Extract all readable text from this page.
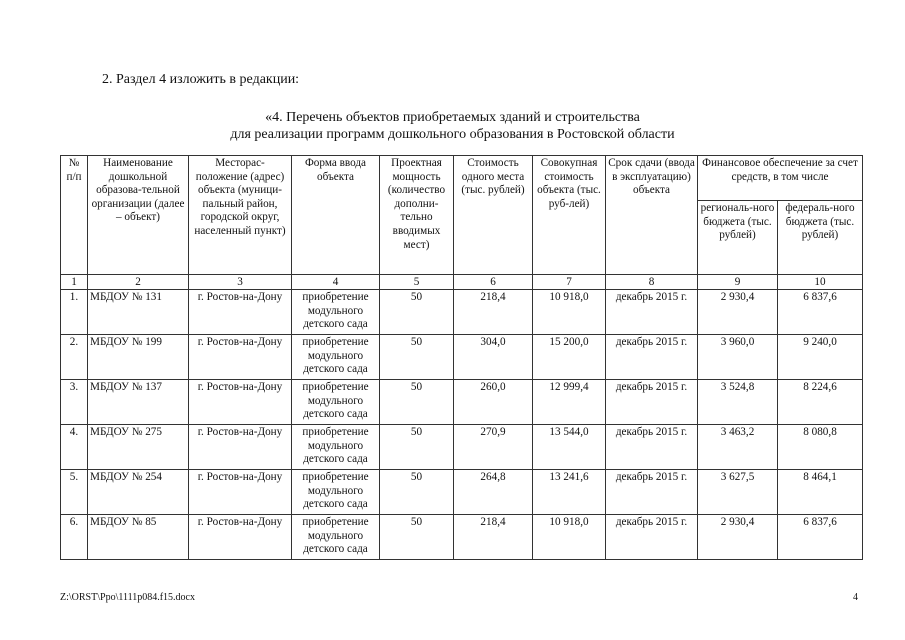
2. Раздел 4 изложить в редакции:
«4. Перечень объектов приобретаемых зданий и строительства
для реализации программ дошкольного образования в Ростовской области
№ п/п	Наименование дошкольной образова-тельной организации (далее – объект)	Месторас-положение (адрес) объекта (муници-пальный район, городской округ, населенный пункт)	Форма ввода объекта	Проектная мощность (количество дополни-тельно вводимых мест)	Стоимость одного места (тыс. рублей)	Совокупная стоимость объекта (тыс. руб-лей)	Срок сдачи (ввода в эксплуатацию) объекта	Финансовое обеспечение за счет средств, в том числе	
								региональ-ного бюджета (тыс. рублей)	федераль-ного бюджета (тыс. рублей)
1	2	3	4	5	6	7	8	9	10
1.	МБДОУ № 131	г. Ростов-на-Дону	приобретение модульного детского сада	50	218,4	10 918,0	декабрь 2015 г.	2 930,4	6 837,6
2.	МБДОУ № 199	г. Ростов-на-Дону	приобретение модульного детского сада	50	304,0	15 200,0	декабрь 2015 г.	3 960,0	9 240,0
3.	МБДОУ № 137	г. Ростов-на-Дону	приобретение модульного детского сада	50	260,0	12 999,4	декабрь 2015 г.	3 524,8	8 224,6
4.	МБДОУ № 275	г. Ростов-на-Дону	приобретение модульного детского сада	50	270,9	13 544,0	декабрь 2015 г.	3 463,2	8 080,8
5.	МБДОУ № 254	г. Ростов-на-Дону	приобретение модульного детского сада	50	264,8	13 241,6	декабрь 2015 г.	3 627,5	8 464,1
6.	МБДОУ № 85	г. Ростов-на-Дону	приобретение модульного детского сада	50	218,4	10 918,0	декабрь 2015 г.	2 930,4	6 837,6
Z:\ORST\Ppo\1111p084.f15.docx	4
